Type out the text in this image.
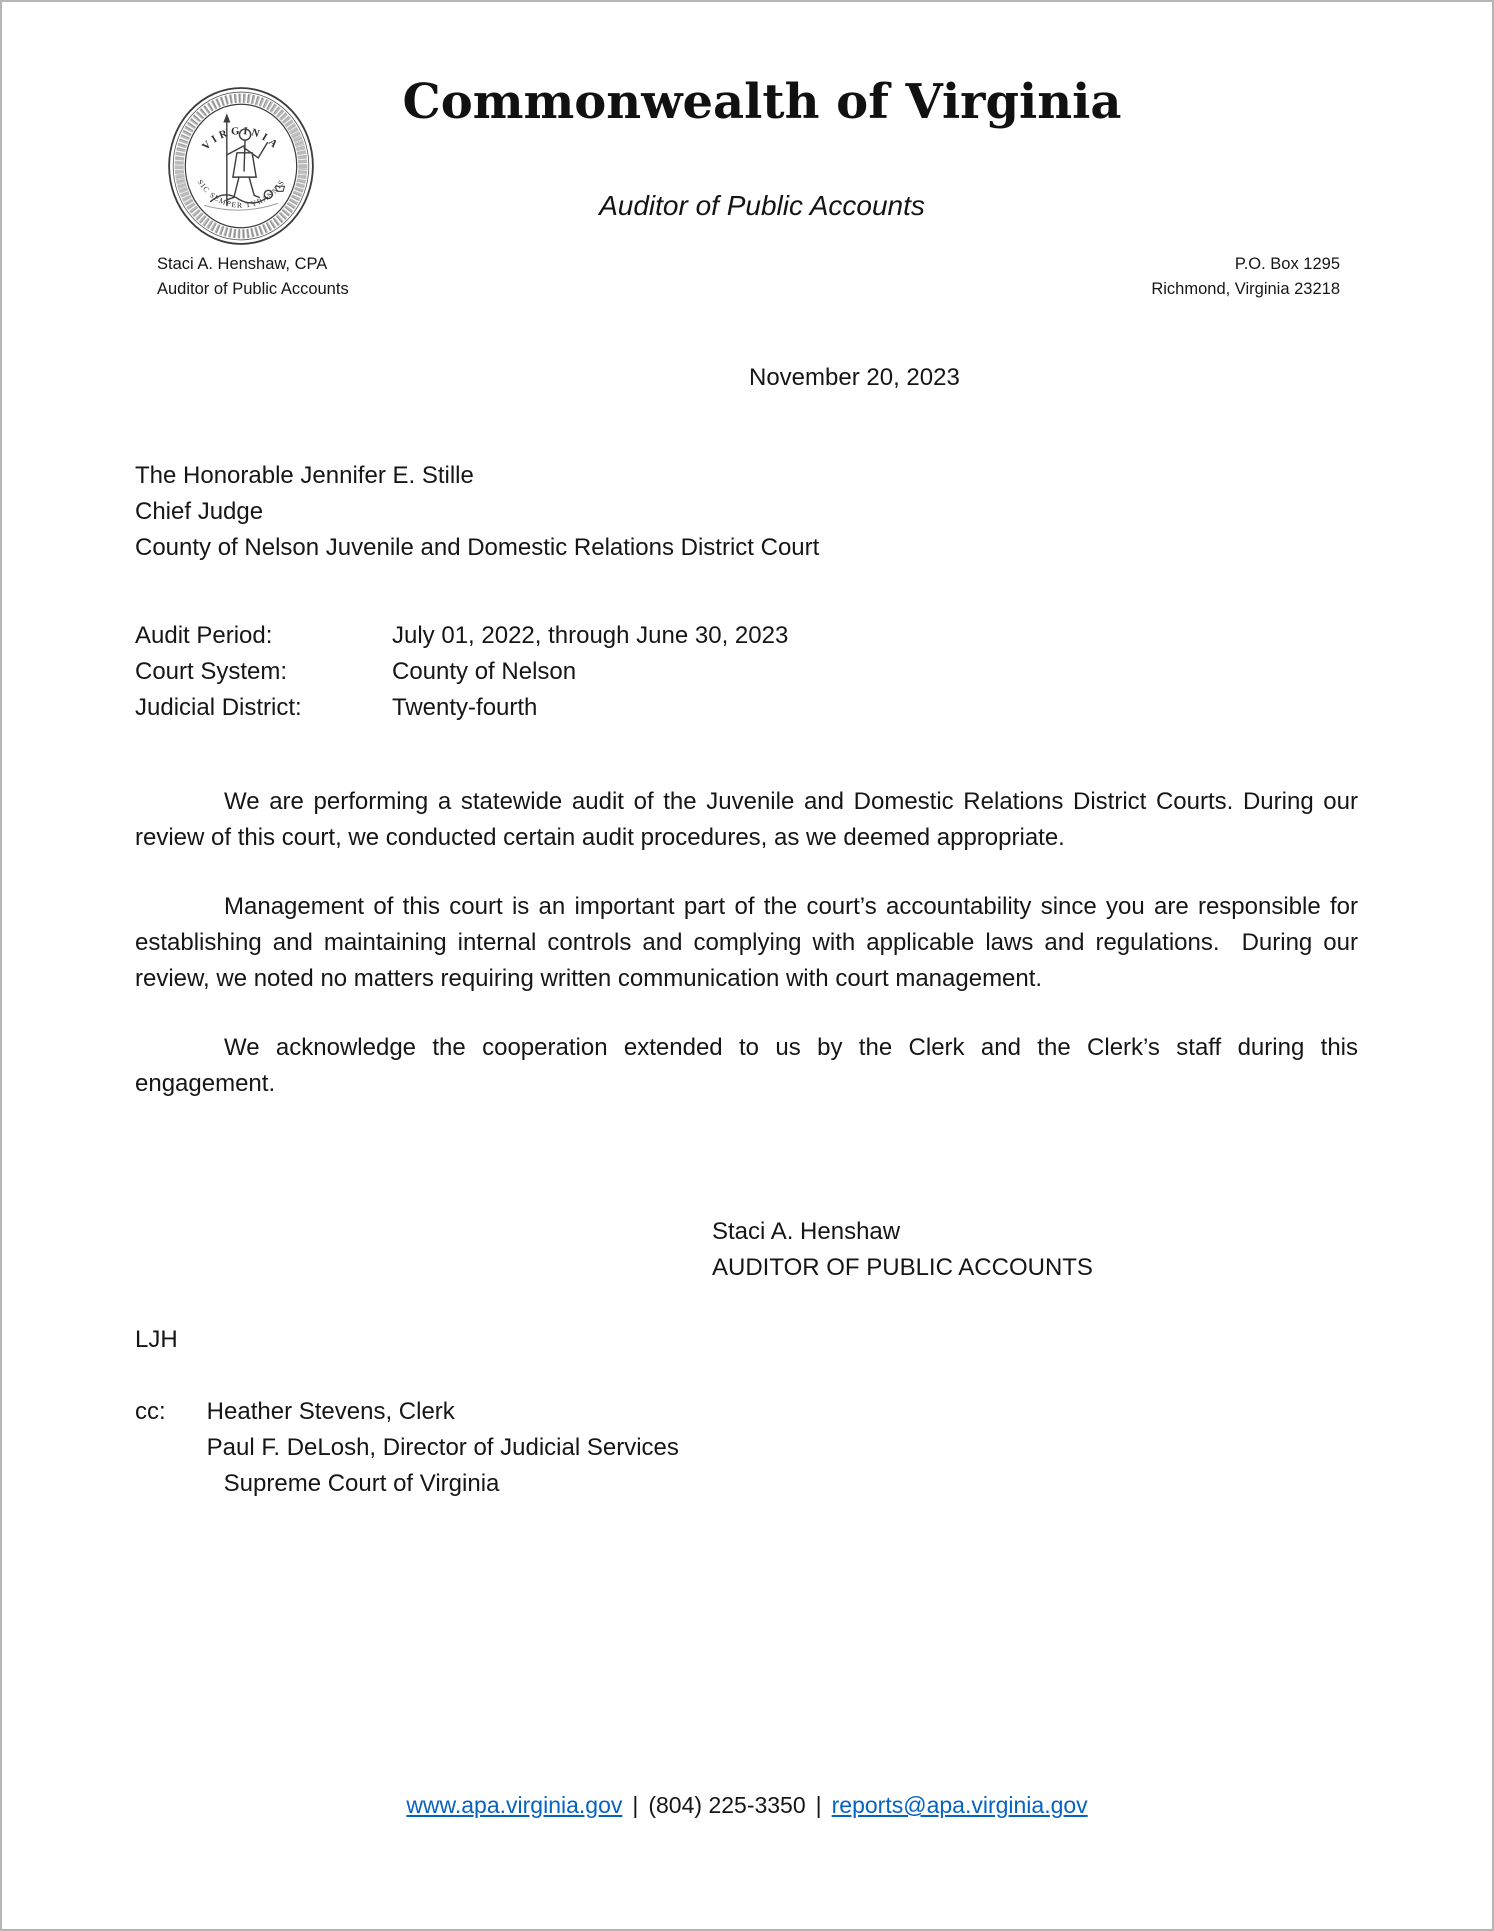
VIRGINIA
SIC SEMPER TYRANNIS
Commonwealth of Virginia
Auditor of Public Accounts
Staci A. Henshaw, CPA
Auditor of Public Accounts
P.O. Box 1295
Richmond, Virginia 23218
November 20, 2023
The Honorable Jennifer E. Stille
Chief Judge
County of Nelson Juvenile and Domestic Relations District Court
Audit Period:	July 01, 2022, through June 30, 2023
Court System:	County of Nelson
Judicial District:	Twenty-fourth

We are performing a statewide audit of the Juvenile and Domestic Relations District Courts. During our review of this court, we conducted certain audit procedures, as we deemed appropriate.

Management of this court is an important part of the court’s accountability since you are responsible for establishing and maintaining internal controls and complying with applicable laws and regulations.  During our review, we noted no matters requiring written communication with court management.

We acknowledge the cooperation extended to us by the Clerk and the Clerk’s staff during this engagement.

Staci A. Henshaw
AUDITOR OF PUBLIC ACCOUNTS
LJH
cc: Heather Stevens, Clerk
Paul F. DeLosh, Director of Judicial Services
Supreme Court of Virginia
www.apa.virginia.gov | (804) 225-3350 | reports@apa.virginia.gov
